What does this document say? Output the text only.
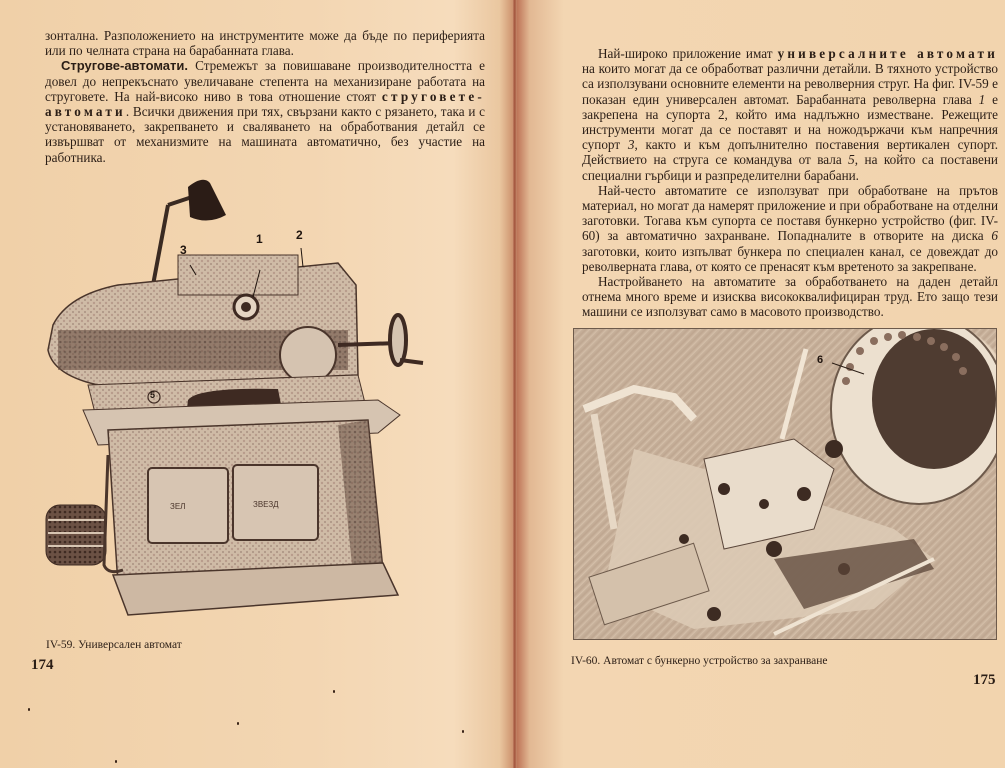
зонтална. Разположението на инструментите може да бъде по периферията или по челната страна на барабанната глава.

Стругове-автомати. Стремежът за повишаване производителността е довел до непрекъснато увеличаване степента на механизиране работата на струговете. На най-високо ниво в това отношение стоят струговете-автомати. Всички движения при тях, свързани както с рязането, така и с установяването, закрепването и сваляването на обработвания детайл се извършват от механизмите на машината автоматично, без участие на работника.

ЗЕЛ	ЗВЕЗД
1	2
3
5
IV-59. Универсален автомат
174

Най-широко приложение имат универсалните автомати на които могат да се обработват различни детайли. В тяхното устройство са използувани основните елементи на револверния струг. На фиг. IV-59 е показан един универсален автомат. Барабанната револверна глава 1 е закрепена на супорта 2, който има надлъжно изместване. Режещите инструменти могат да се поставят и на ножодържачи към напречния супорт 3, както и към допълнително поставения вертикален супорт. Действието на струга се командува от вала 5, на който са поставени специални гърбици и разпределителни барабани.

Най-често автоматите се използуват при обработване на прътов материал, но могат да намерят приложение и при обработване на отделни заготовки. Тогава към супорта се поставя бункерно устройство (фиг. IV-60) за автоматично захранване. Попадналите в отворите на диска 6 заготовки, които изпълват бункера по специален канал, се довеждат до револверната глава, от която се пренасят към вретеното за закрепване.

Настройването на автоматите за обработването на даден детайл отнема много време и изисква висококвалифициран труд. Ето защо тези машини се използуват само в масовото производство.

6
IV-60. Автомат с бункерно устройство за захранване
175
